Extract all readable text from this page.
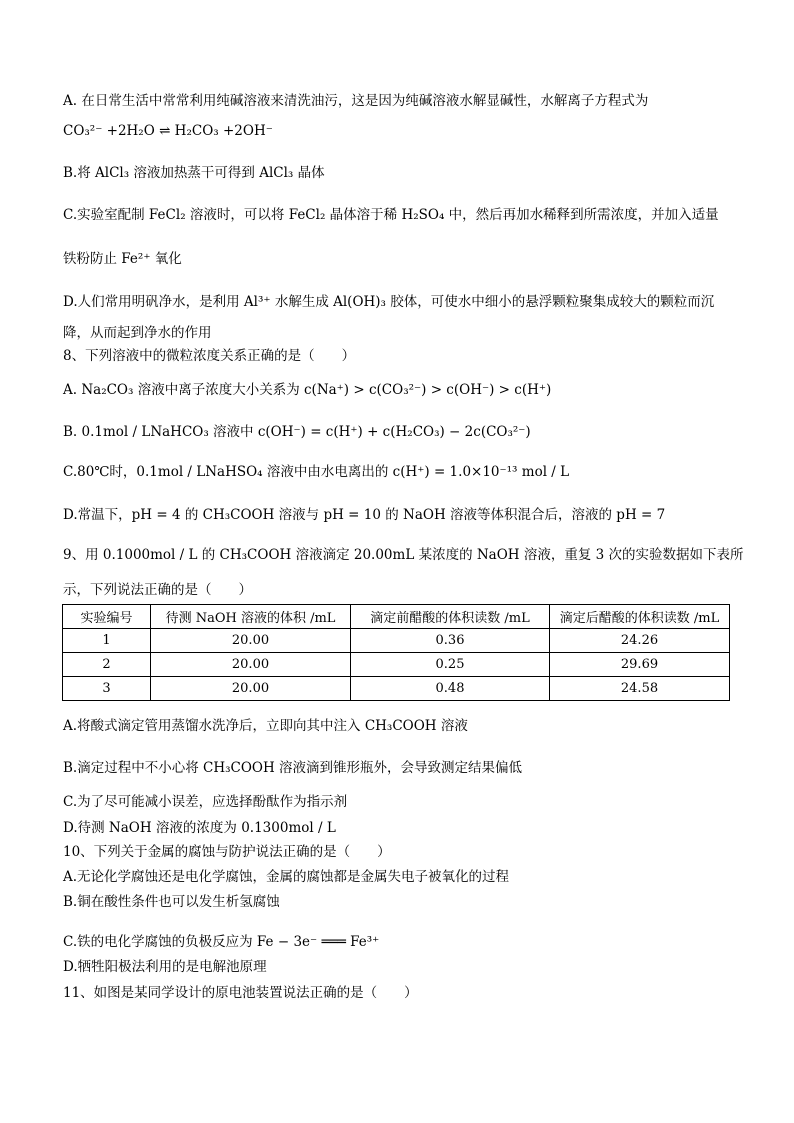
A. 在日常生活中常常利用纯碱溶液来清洗油污，这是因为纯碱溶液水解显碱性，水解离子方程式为
CO₃²⁻ +2H₂O ⇌ H₂CO₃ +2OH⁻
B.将 AlCl₃ 溶液加热蒸干可得到 AlCl₃ 晶体
C.实验室配制 FeCl₂ 溶液时，可以将 FeCl₂ 晶体溶于稀 H₂SO₄ 中，然后再加水稀释到所需浓度，并加入适量
铁粉防止 Fe²⁺ 氧化
D.人们常用明矾净水，是利用 Al³⁺ 水解生成 Al(OH)₃ 胶体，可使水中细小的悬浮颗粒聚集成较大的颗粒而沉
降，从而起到净水的作用
8、下列溶液中的微粒浓度关系正确的是（　　）
A. Na₂CO₃ 溶液中离子浓度大小关系为 c(Na⁺) > c(CO₃²⁻) > c(OH⁻) > c(H⁺)
B. 0.1mol / LNaHCO₃ 溶液中 c(OH⁻) = c(H⁺) + c(H₂CO₃) − 2c(CO₃²⁻)
C.80℃时，0.1mol / LNaHSO₄ 溶液中由水电离出的 c(H⁺) = 1.0×10⁻¹³ mol / L
D.常温下，pH = 4 的 CH₃COOH 溶液与 pH = 10 的 NaOH 溶液等体积混合后，溶液的 pH = 7
9、用 0.1000mol / L 的 CH₃COOH 溶液滴定 20.00mL 某浓度的 NaOH 溶液，重复 3 次的实验数据如下表所
示，下列说法正确的是（　　）
A.将酸式滴定管用蒸馏水洗净后，立即向其中注入 CH₃COOH 溶液
B.滴定过程中不小心将 CH₃COOH 溶液滴到锥形瓶外，会导致测定结果偏低
C.为了尽可能减小误差，应选择酚酞作为指示剂
D.待测 NaOH 溶液的浓度为 0.1300mol / L
10、下列关于金属的腐蚀与防护说法正确的是（　　）
A.无论化学腐蚀还是电化学腐蚀，金属的腐蚀都是金属失电子被氧化的过程
B.铜在酸性条件也可以发生析氢腐蚀
C.铁的电化学腐蚀的负极反应为 Fe − 3e⁻ ═══ Fe³⁺
D.牺牲阳极法利用的是电解池原理
11、如图是某同学设计的原电池装置说法正确的是（　　）
实验编号	待测 NaOH 溶液的体积 /mL	滴定前醋酸的体积读数 /mL	滴定后醋酸的体积读数 /mL
1	20.00	0.36	24.26
2	20.00	0.25	29.69
3	20.00	0.48	24.58
